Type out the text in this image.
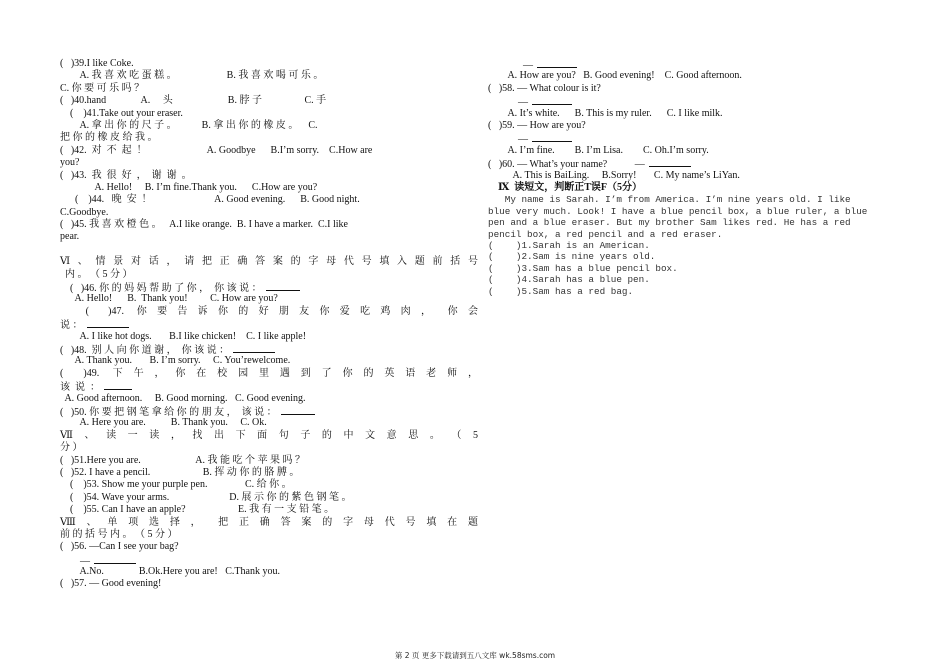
(   )39.I like Coke.
A. 我 喜 欢 吃 蛋 糕 。                    B. 我 喜 欢 喝 可 乐 。
C. 你 要 可 乐 吗 ？
(   )40.hand              A.     头                      B. 脖 子                 C. 手
(    )41.Take out your eraser.
A. 拿 出 你 的 尺 子 。          B. 拿 出 你 的 橡 皮 。    C.
把 你 的 橡 皮 给 我 。
(   )42.  对  不  起  ！                        A. Goodbye      B.I’m sorry.    C.How are
you?
(   )43.  我  很  好  ，  谢  谢  。
A. Hello!     B. I’m fine.Thank you.      C.How are you?
(    )44.   晚  安  ！                         A. Good evening.      B. Good night.
C.Goodbye.
(   )45. 我 喜 欢 橙 色 。   A.I like orange.  B. I have a marker.  C.I like
pear.
Ⅵ 、 情 景 对 话 ， 请 把 正 确 答 案 的 字 母 代 号 填 入 题 前 括 号
内 。 （ 5 分 ）
(   )46. 你 的 妈 妈 帮 助 了 你 ，  你 该 说 ：
A. Hello!      B.  Thank you!         C. How are you?
(   )47.  你 要 告 诉 你 的 好 朋 友 你 爱 吃 鸡 肉 ，  你 会
说 ：
A. I like hot dogs.       B.I like chicken!    C. I like apple!
(   )48.  别 人 向 你 道 谢 ，  你 该 说 ：
A. Thank you.       B. I’m sorry.     C. You’rewelcome.
(   )49.  下 午 ， 你 在 校 园 里 遇 到 了 你 的 英 语 老 师 ，
该  说  ：
A. Good afternoon.     B. Good morning.   C. Good evening.
(   )50. 你 要 把 钢 笔 拿 给 你 的 朋 友 ，  该 说 ：
A. Here you are.          B. Thank you.     C. Ok.
Ⅶ 、 读 一 读 ， 找 出 下 面 句 子 的 中 文 意 思 。 （ 5
分 ）
(   )51.Here you are.                      A. 我 能 吃 个 苹 果 吗 ？
(   )52. I have a pencil.                     B. 挥 动 你 的 胳 膊 。
(    )53. Show me your purple pen.               C. 给 你 。
(    )54. Wave your arms.                        D. 展 示 你 的 紫 色 钢 笔 。
(    )55. Can I have an apple?                     E. 我 有 一 支 铅 笔 。
Ⅷ 、 单 项 选 择 ，  把 正 确 答 案 的 字 母 代 号 填 在 题
前 的 括 号 内 。 （ 5 分 ）
(   )56. —Can I see your bag?
—
A.No.              B.Ok.Here you are!   C.Thank you.
(   )57. — Good evening!
—
A. How are you?   B. Good evening!    C. Good afternoon.
(   )58. — What colour is it?
—
A. It’s white.      B. This is my ruler.      C. I like milk.
(   )59. — How are you?
—
A. I’m fine.        B. I’m Lisa.        C. Oh.I’m sorry.
(   )60. — What’s your name?           —
A. This is BaiLing.     B.Sorry!       C. My name’s LiYan.
Ⅸ  读短文，判断正T误F（5分）
My name is Sarah. I’m from America. I’m nine years old. I like
blue very much. Look! I have a blue pencil box, a blue ruler, a blue
pen and a blue eraser. But my brother Sam likes red. He has a red
pencil box, a red pencil and a red eraser.
(    )1.Sarah is an American.
(    )2.Sam is nine years old.
(    )3.Sam has a blue pencil box.
(    )4.Sarah has a blue pen.
(    )5.Sam has a red bag.
第 2 页 更多下载请到五八文库 wk.58sms.com
